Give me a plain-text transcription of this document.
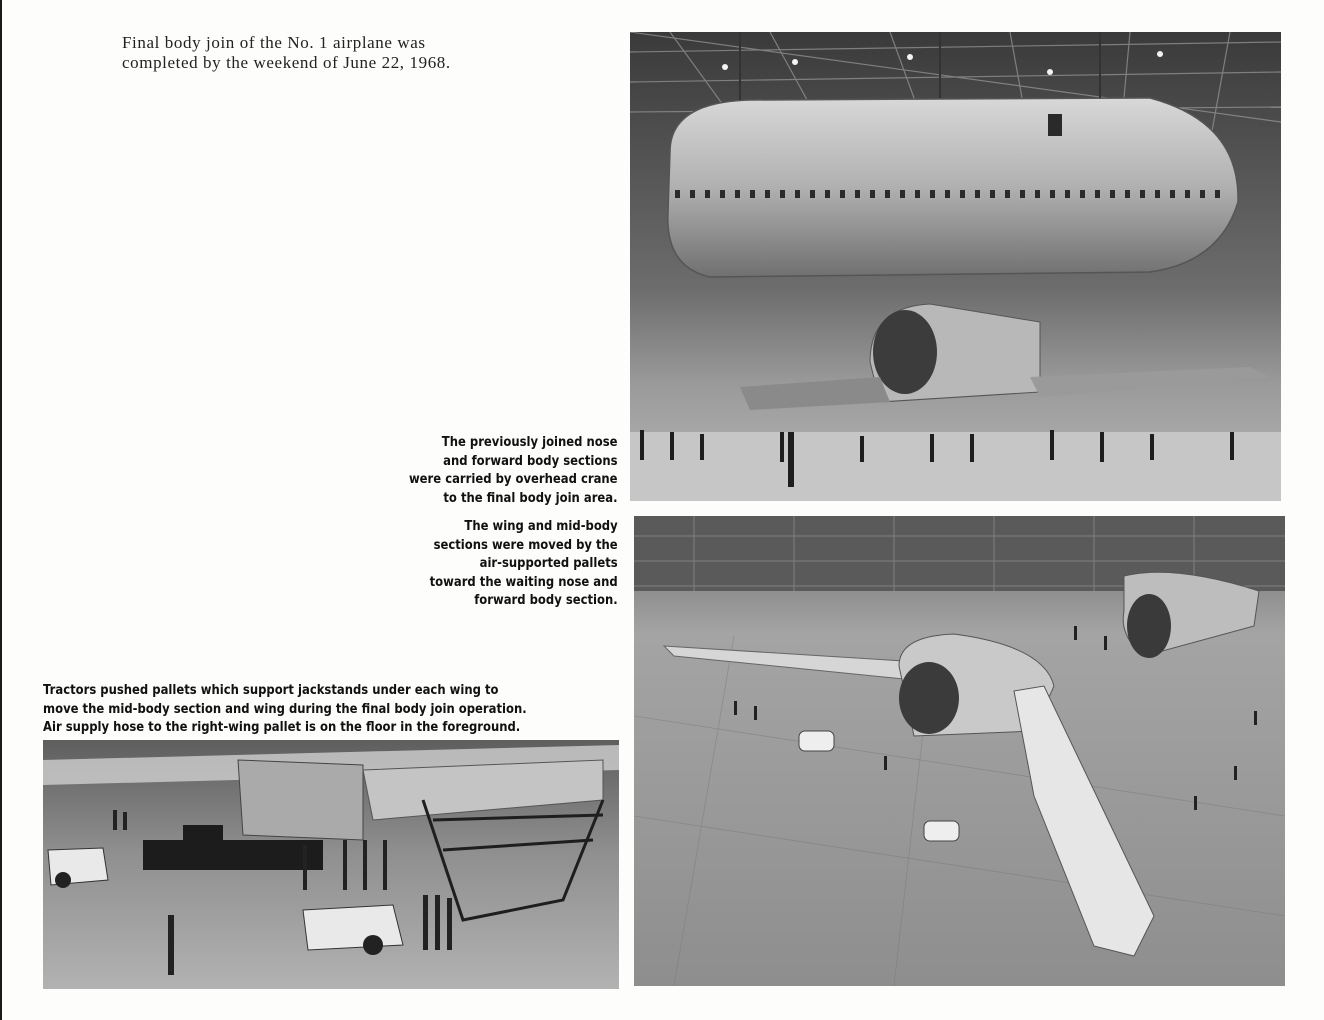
Final body join of the No. 1 airplane was
completed by the weekend of June 22, 1968.

The previously joined nose
and forward body sections
were carried by overhead crane
to the final body join area.

The wing and mid-body
sections were moved by the
air-supported pallets
toward the waiting nose and
forward body section.

Tractors pushed pallets which support jackstands under each wing to
move the mid-body section and wing during the final body join operation.
Air supply hose to the right-wing pallet is on the floor in the foreground.
